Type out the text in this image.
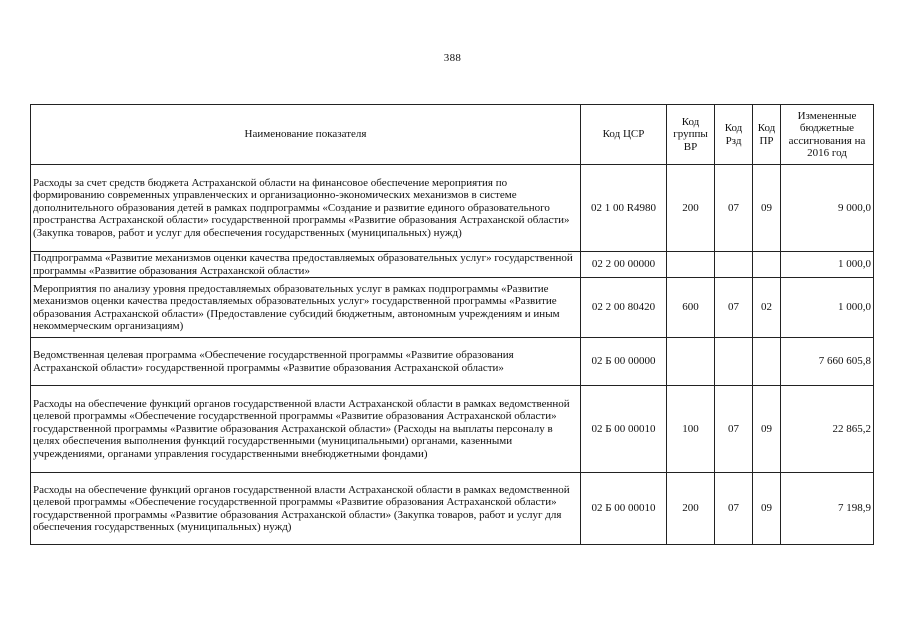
388
Наименование показателя	Код ЦСР	Код группы ВР	Код Рзд	Код ПР	Измененные бюджетные ассигнования на 2016 год
Расходы за счет средств бюджета Астраханской области на финансовое обеспечение мероприятия по формированию современных управленческих и организационно-экономических механизмов в системе дополнительного образования детей в рамках подпрограммы «Создание и развитие единого образовательного пространства Астраханской области» государственной программы «Развитие образования Астраханской области» (Закупка товаров, работ и услуг для обеспечения государственных (муниципальных) нужд)	02 1 00 R4980	200	07	09	9 000,0
Подпрограмма «Развитие механизмов оценки качества предоставляемых образовательных услуг» государственной программы «Развитие образования Астраханской области»	02 2 00 00000				1 000,0
Мероприятия по анализу уровня предоставляемых образовательных услуг в рамках подпрограммы «Развитие механизмов оценки качества предоставляемых образовательных услуг» государственной программы «Развитие образования Астраханской области» (Предоставление субсидий бюджетным, автономным учреждениям и иным некоммерческим организациям)	02 2 00 80420	600	07	02	1 000,0
Ведомственная целевая программа «Обеспечение государственной программы «Развитие образования Астраханской области» государственной программы «Развитие образования Астраханской области»	02 Б 00 00000				7 660 605,8
Расходы на обеспечение функций органов государственной власти Астраханской области в рамках ведомственной целевой программы «Обеспечение государственной программы «Развитие образования Астраханской области» государственной программы «Развитие образования Астраханской области» (Расходы на выплаты персоналу в целях обеспечения выполнения функций государственными (муниципальными) органами, казенными учреждениями, органами управления государственными внебюджетными фондами)	02 Б 00 00010	100	07	09	22 865,2
Расходы на обеспечение функций органов государственной власти Астраханской области в рамках ведомственной целевой программы «Обеспечение государственной программы «Развитие образования Астраханской области» государственной программы «Развитие образования Астраханской области» (Закупка товаров, работ и услуг для обеспечения государственных (муниципальных) нужд)	02 Б 00 00010	200	07	09	7 198,9
